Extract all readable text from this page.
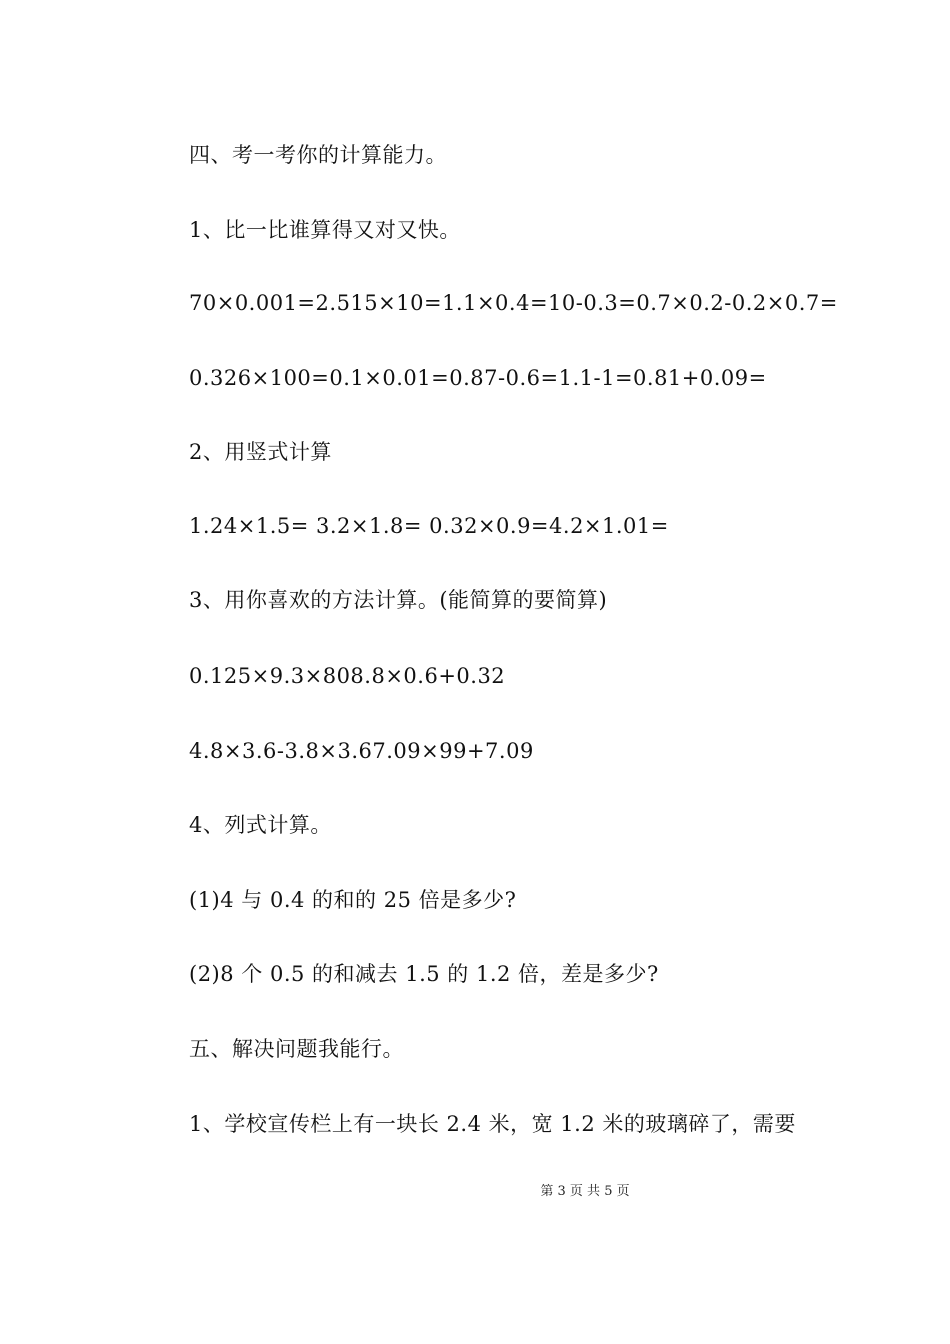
四、考一考你的计算能力。
1、比一比谁算得又对又快。
70×0.001=2.515×10=1.1×0.4=10-0.3=0.7×0.2-0.2×0.7=
0.326×100=0.1×0.01=0.87-0.6=1.1-1=0.81+0.09=
2、用竖式计算
1.24×1.5= 3.2×1.8= 0.32×0.9=4.2×1.01=
3、用你喜欢的方法计算。(能简算的要简算)
0.125×9.3×808.8×0.6+0.32
4.8×3.6-3.8×3.67.09×99+7.09
4、列式计算。
(1)4 与 0.4 的和的 25 倍是多少?
(2)8 个 0.5 的和减去 1.5 的 1.2 倍，差是多少?
五、解决问题我能行。
1、学校宣传栏上有一块长 2.4 米，宽 1.2 米的玻璃碎了，需要
第 3 页 共 5 页
